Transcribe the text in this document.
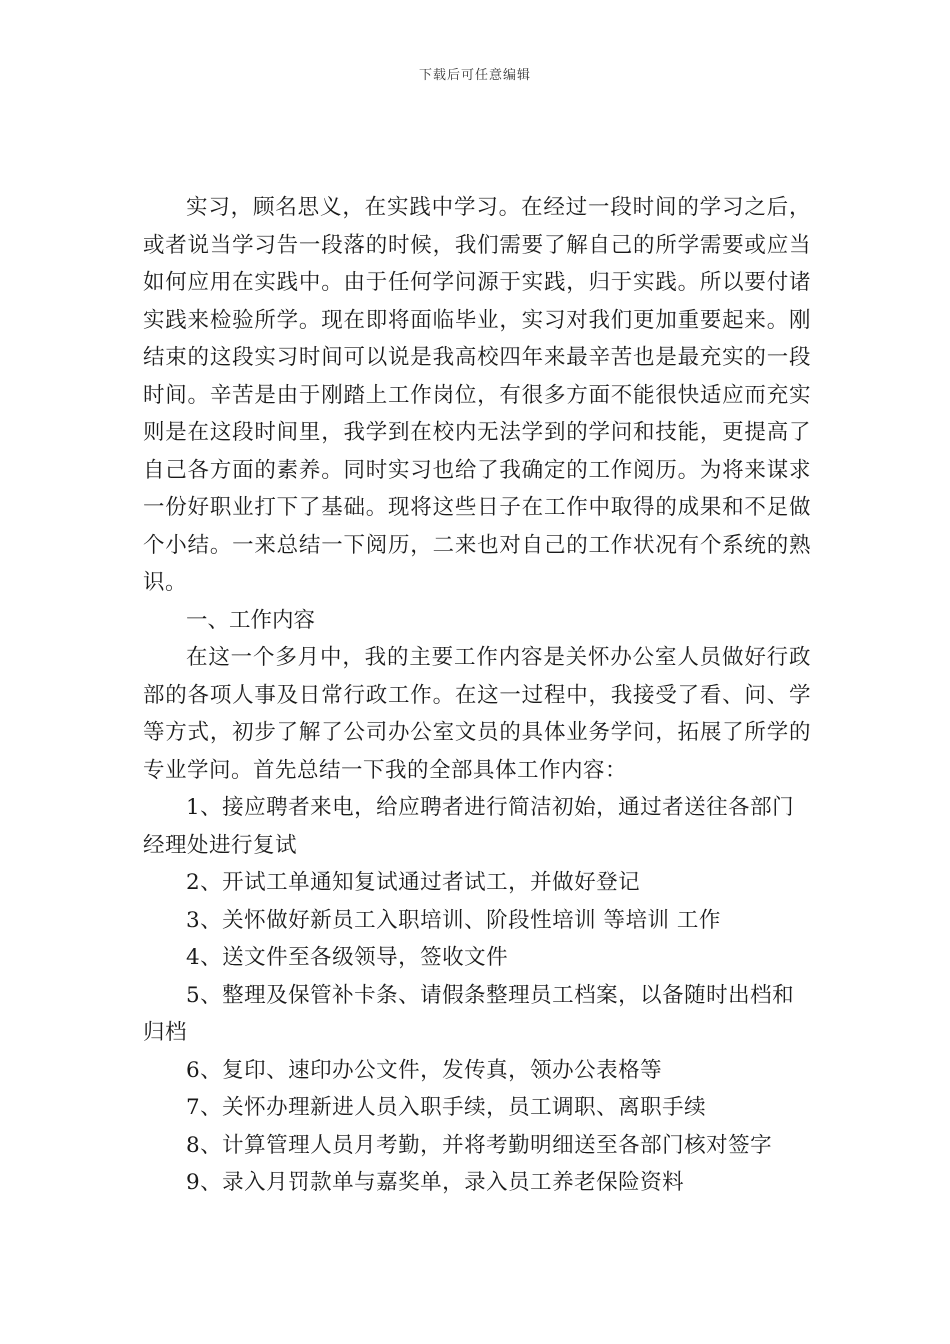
下载后可任意编辑

实习，顾名思义，在实践中学习。在经过一段时间的学习之后，或者说当学习告一段落的时候，我们需要了解自己的所学需要或应当如何应用在实践中。由于任何学问源于实践，归于实践。所以要付诸实践来检验所学。现在即将面临毕业，实习对我们更加重要起来。刚结束的这段实习时间可以说是我高校四年来最辛苦也是最充实的一段时间。辛苦是由于刚踏上工作岗位，有很多方面不能很快适应而充实则是在这段时间里，我学到在校内无法学到的学问和技能，更提高了自己各方面的素养。同时实习也给了我确定的工作阅历。为将来谋求一份好职业打下了基础。现将这些日子在工作中取得的成果和不足做个小结。一来总结一下阅历，二来也对自己的工作状况有个系统的熟识。

一、工作内容

在这一个多月中，我的主要工作内容是关怀办公室人员做好行政部的各项人事及日常行政工作。在这一过程中，我接受了看、问、学等方式，初步了解了公司办公室文员的具体业务学问，拓展了所学的专业学问。首先总结一下我的全部具体工作内容：

1、接应聘者来电，给应聘者进行简洁初始，通过者送往各部门经理处进行复试
2、开试工单通知复试通过者试工，并做好登记
3、关怀做好新员工入职培训、阶段性培训 等培训 工作
4、送文件至各级领导，签收文件
5、整理及保管补卡条、请假条整理员工档案，以备随时出档和归档
6、复印、速印办公文件，发传真，领办公表格等
7、关怀办理新进人员入职手续，员工调职、离职手续
8、计算管理人员月考勤，并将考勤明细送至各部门核对签字
9、录入月罚款单与嘉奖单，录入员工养老保险资料
